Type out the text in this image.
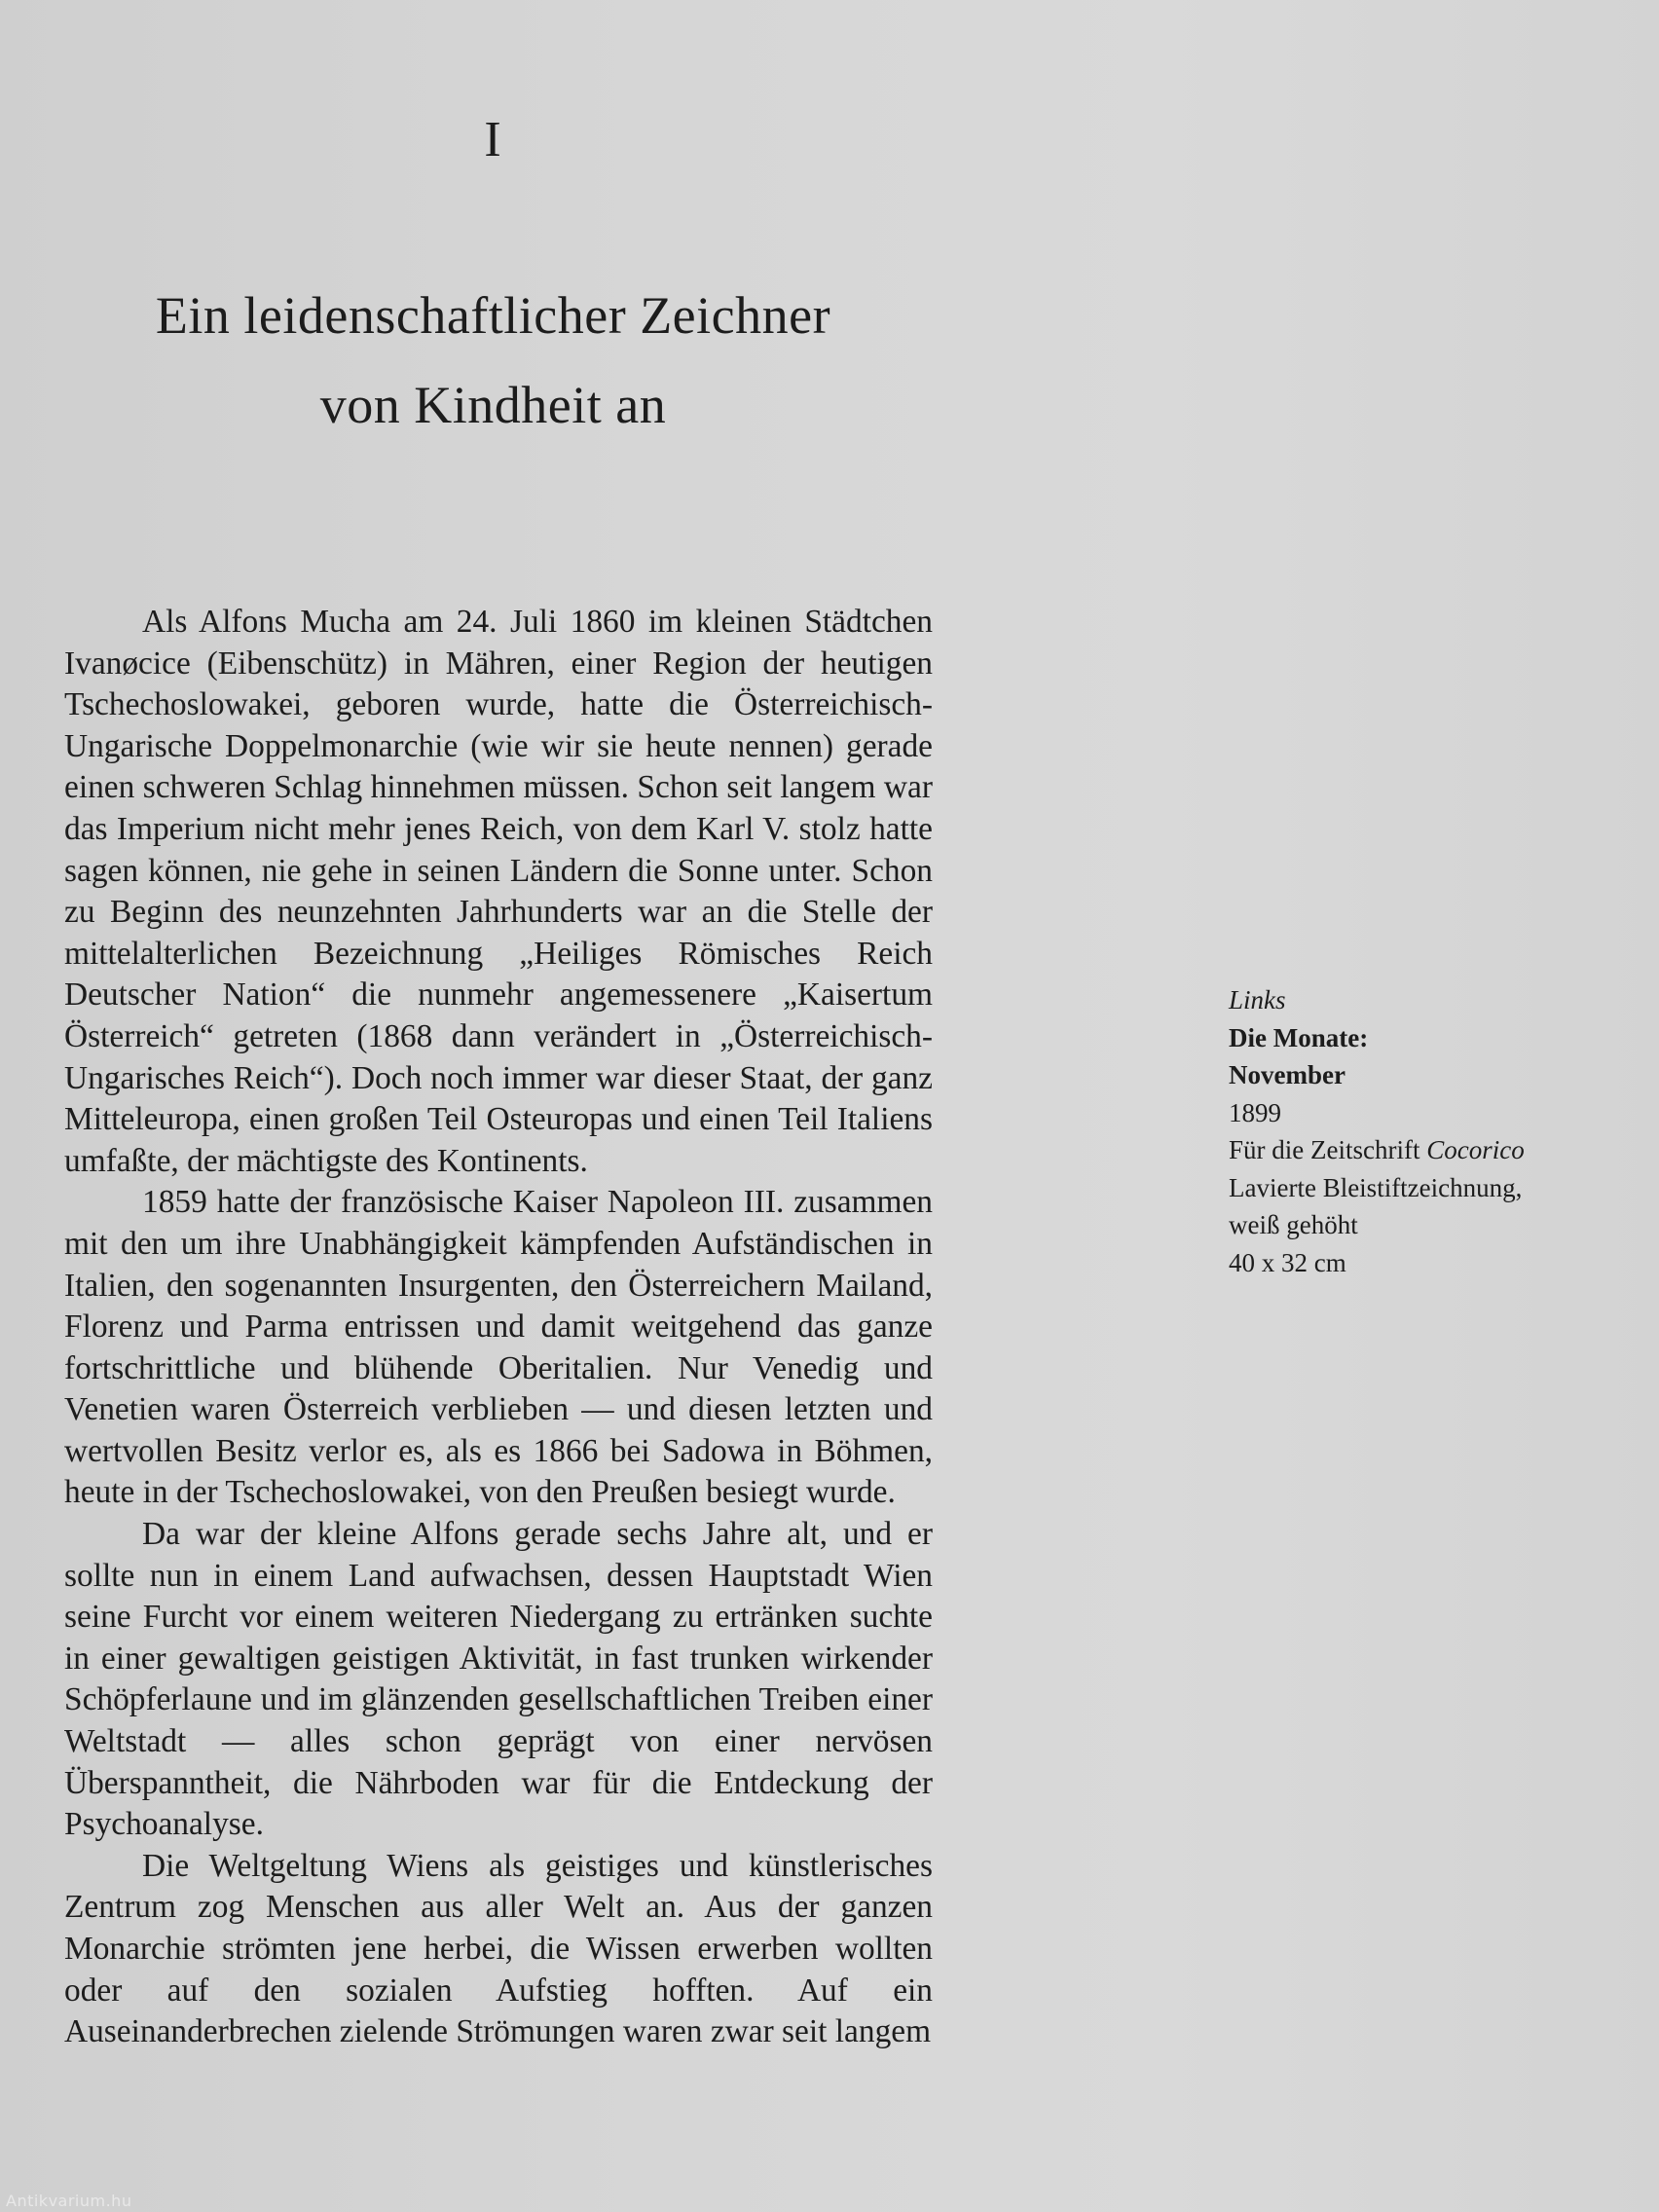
I
Ein leidenschaftlicher Zeichner
von Kindheit an

Als Alfons Mucha am 24. Juli 1860 im kleinen Städtchen Ivanøcice (Eibenschütz) in Mähren, einer Region der heutigen Tschechoslowakei, geboren wurde, hatte die Österreichisch-Ungarische Doppelmonarchie (wie wir sie heute nennen) gerade einen schweren Schlag hinnehmen müssen. Schon seit langem war das Imperium nicht mehr jenes Reich, von dem Karl V. stolz hatte sagen können, nie gehe in seinen Ländern die Sonne unter. Schon zu Beginn des neunzehnten Jahrhunderts war an die Stelle der mittelalterlichen Bezeichnung „Heiliges Römisches Reich Deutscher Nation“ die nunmehr angemessenere „Kaisertum Österreich“ getreten (1868 dann verändert in „Österreichisch-Ungarisches Reich“). Doch noch immer war dieser Staat, der ganz Mitteleuropa, einen großen Teil Osteuropas und einen Teil Italiens umfaßte, der mächtigste des Kontinents.

1859 hatte der französische Kaiser Napoleon III. zusammen mit den um ihre Unabhängigkeit kämpfenden Aufständischen in Italien, den sogenannten Insurgenten, den Österreichern Mailand, Florenz und Parma entrissen und damit weitgehend das ganze fortschrittliche und blühende Oberitalien. Nur Venedig und Venetien waren Österreich verblieben — und diesen letzten und wertvollen Besitz verlor es, als es 1866 bei Sadowa in Böhmen, heute in der Tschechoslowakei, von den Preußen besiegt wurde.

Da war der kleine Alfons gerade sechs Jahre alt, und er sollte nun in einem Land aufwachsen, dessen Hauptstadt Wien seine Furcht vor einem weiteren Niedergang zu ertränken suchte in einer gewaltigen geistigen Aktivität, in fast trunken wirkender Schöpferlaune und im glänzenden gesellschaftlichen Treiben einer Weltstadt — alles schon geprägt von einer nervösen Überspanntheit, die Nährboden war für die Entdeckung der Psychoanalyse.

Die Weltgeltung Wiens als geistiges und künstlerisches Zentrum zog Menschen aus aller Welt an. Aus der ganzen Monarchie strömten jene herbei, die Wissen erwerben wollten oder auf den sozialen Aufstieg hofften. Auf ein Auseinanderbrechen zielende Strömungen waren zwar seit langem

Links
Die Monate:
November
1899
Für die Zeitschrift Cocorico
Lavierte Bleistiftzeichnung,
weiß gehöht
40 x 32 cm
Antikvarium.hu
